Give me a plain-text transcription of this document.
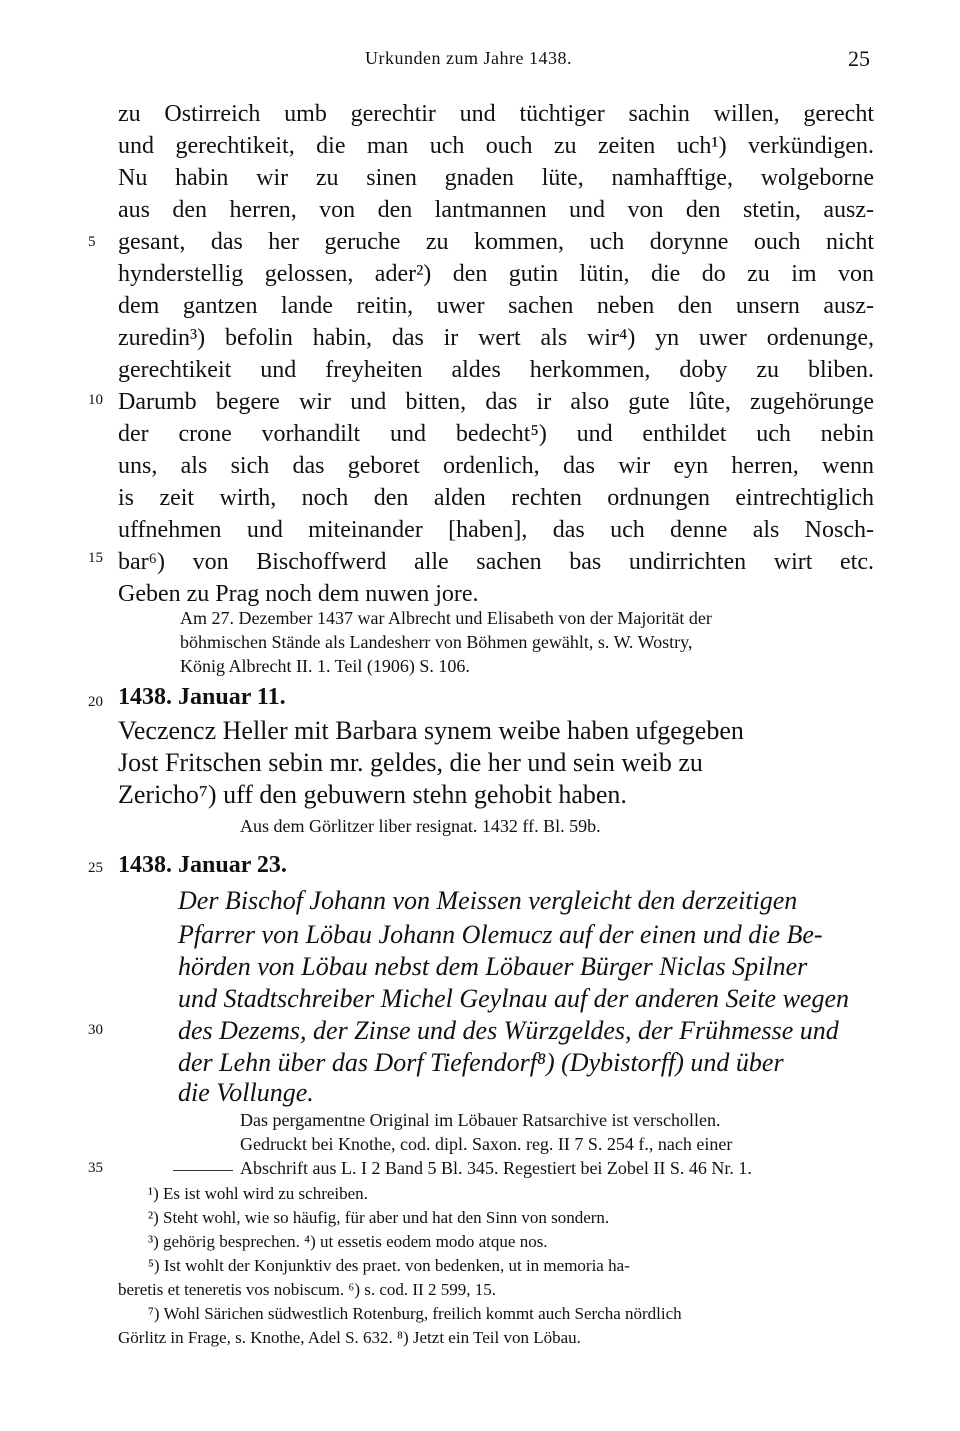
Urkunden zum Jahre 1438.	25
5
10
15
20
25
30
35
zu Ostirreich umb gerechtir und tüchtiger sachin willen, gerecht
und gerechtikeit, die man uch ouch zu zeiten uch¹) verkündigen.
Nu habin wir zu sinen gnaden lüte, namhafftige, wolgeborne
aus den herren, von den lantmannen und von den stetin, ausz-
gesant, das her geruche zu kommen, uch dorynne ouch nicht
hynderstellig gelossen, ader²) den gutin lütin, die do zu im von
dem gantzen lande reitin, uwer sachen neben den unsern ausz-
zuredin³) befolin habin, das ir wert als wir⁴) yn uwer ordenunge,
gerechtikeit und freyheiten aldes herkommen, doby zu bliben.
Darumb begere wir und bitten, das ir also gute lûte, zugehörunge
der crone vorhandilt und bedecht⁵) und enthildet uch nebin
uns, als sich das geboret ordenlich, das wir eyn herren, wenn
is zeit wirth, noch den alden rechten ordnungen eintrechtiglich
uffnehmen und miteinander [haben], das uch denne als Nosch-
bar⁶) von Bischoffwerd alle sachen bas undirrichten wirt etc.
Geben zu Prag noch dem nuwen jore.
Am 27. Dezember 1437 war Albrecht und Elisabeth von der Majorität der
böhmischen Stände als Landesherr von Böhmen gewählt, s. W. Wostry,
König Albrecht II. 1. Teil (1906) S. 106.
1438. Januar 11.
Veczencz Heller mit Barbara synem weibe haben ufgegeben
Jost Fritschen sebin mr. geldes, die her und sein weib zu
Zericho⁷) uff den gebuwern stehn gehobit haben.
Aus dem Görlitzer liber resignat. 1432 ff. Bl. 59b.
1438. Januar 23.
Der Bischof Johann von Meissen vergleicht den derzeitigen
Pfarrer von Löbau Johann Olemucz auf der einen und die Be-
hörden von Löbau nebst dem Löbauer Bürger Niclas Spilner
und Stadtschreiber Michel Geylnau auf der anderen Seite wegen
des Dezems, der Zinse und des Würzgeldes, der Frühmesse und
der Lehn über das Dorf Tiefendorf⁸) (Dybistorff) und über
die Vollunge.
Das pergamentne Original im Löbauer Ratsarchive ist verschollen.
Gedruckt bei Knothe, cod. dipl. Saxon. reg. II 7 S. 254 f., nach einer
Abschrift aus L. I 2 Band 5 Bl. 345. Regestiert bei Zobel II S. 46 Nr. 1.
¹) Es ist wohl wird zu schreiben.
²) Steht wohl, wie so häufig, für aber und hat den Sinn von sondern.
³) gehörig besprechen. ⁴) ut essetis eodem modo atque nos.
⁵) Ist wohlt der Konjunktiv des praet. von bedenken, ut in memoria ha-
beretis et teneretis vos nobiscum. ⁶) s. cod. II 2 599, 15.
⁷) Wohl Särichen südwestlich Rotenburg, freilich kommt auch Sercha nördlich
Görlitz in Frage, s. Knothe, Adel S. 632. ⁸) Jetzt ein Teil von Löbau.
